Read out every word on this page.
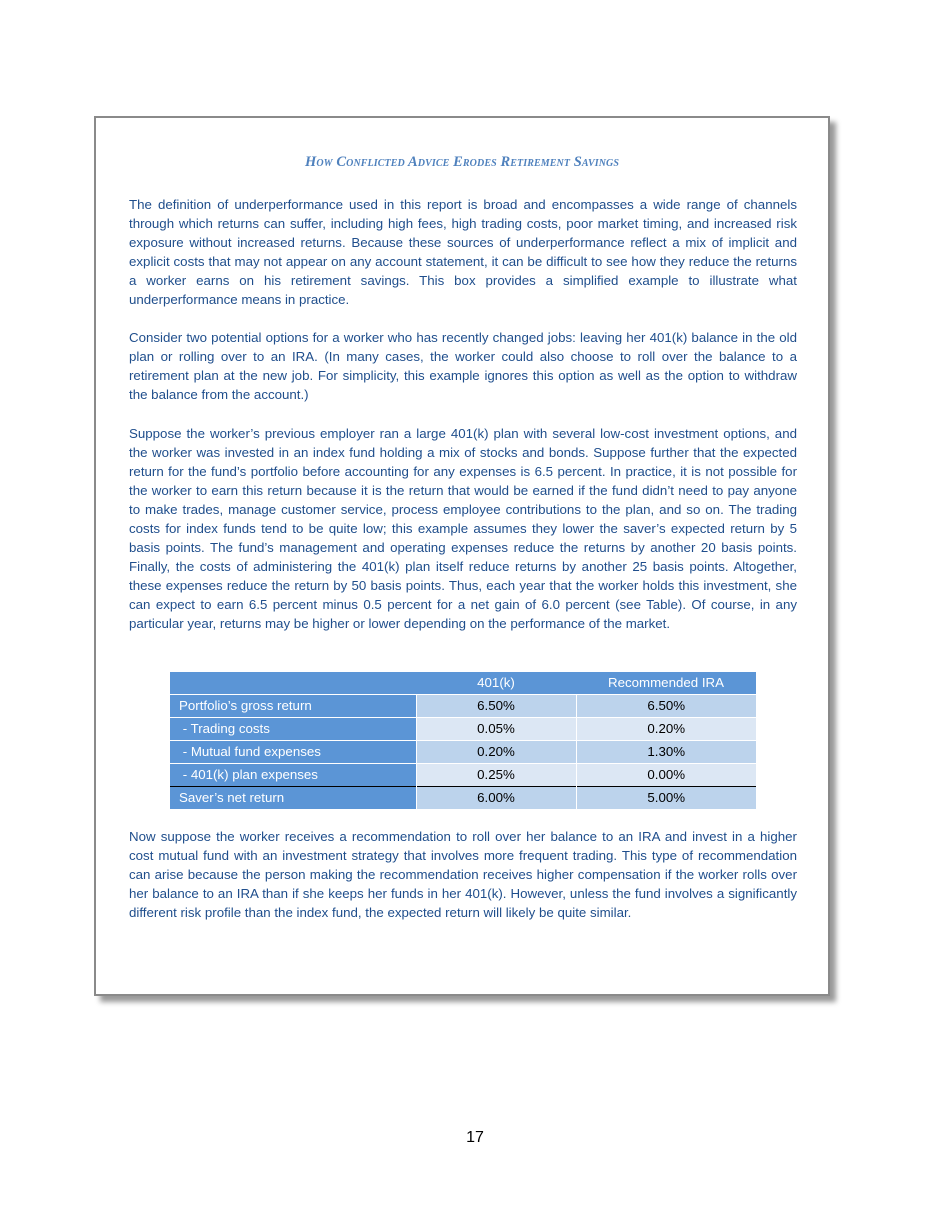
How Conflicted Advice Erodes Retirement Savings

The definition of underperformance used in this report is broad and encompasses a wide range of channels through which returns can suffer, including high fees, high trading costs, poor market timing, and increased risk exposure without increased returns. Because these sources of underperformance reflect a mix of implicit and explicit costs that may not appear on any account statement, it can be difficult to see how they reduce the returns a worker earns on his retirement savings. This box provides a simplified example to illustrate what underperformance means in practice.

Consider two potential options for a worker who has recently changed jobs: leaving her 401(k) balance in the old plan or rolling over to an IRA. (In many cases, the worker could also choose to roll over the balance to a retirement plan at the new job. For simplicity, this example ignores this option as well as the option to withdraw the balance from the account.)

Suppose the worker’s previous employer ran a large 401(k) plan with several low-cost investment options, and the worker was invested in an index fund holding a mix of stocks and bonds. Suppose further that the expected return for the fund’s portfolio before accounting for any expenses is 6.5 percent. In practice, it is not possible for the worker to earn this return because it is the return that would be earned if the fund didn’t need to pay anyone to make trades, manage customer service, process employee contributions to the plan, and so on. The trading costs for index funds tend to be quite low; this example assumes they lower the saver’s expected return by 5 basis points. The fund’s management and operating expenses reduce the returns by another 20 basis points. Finally, the costs of administering the 401(k) plan itself reduce returns by another 25 basis points. Altogether, these expenses reduce the return by 50 basis points. Thus, each year that the worker holds this investment, she can expect to earn 6.5 percent minus 0.5 percent for a net gain of 6.0 percent (see Table). Of course, in any particular year, returns may be higher or lower depending on the performance of the market.

	401(k)	Recommended IRA
Portfolio’s gross return	6.50%	6.50%
- Trading costs	0.05%	0.20%
- Mutual fund expenses	0.20%	1.30%
- 401(k) plan expenses	0.25%	0.00%
Saver’s net return	6.00%	5.00%

Now suppose the worker receives a recommendation to roll over her balance to an IRA and invest in a higher cost mutual fund with an investment strategy that involves more frequent trading. This type of recommendation can arise because the person making the recommendation receives higher compensation if the worker rolls over her balance to an IRA than if she keeps her funds in her 401(k). However, unless the fund involves a significantly different risk profile than the index fund, the expected return will likely be quite similar.

17
